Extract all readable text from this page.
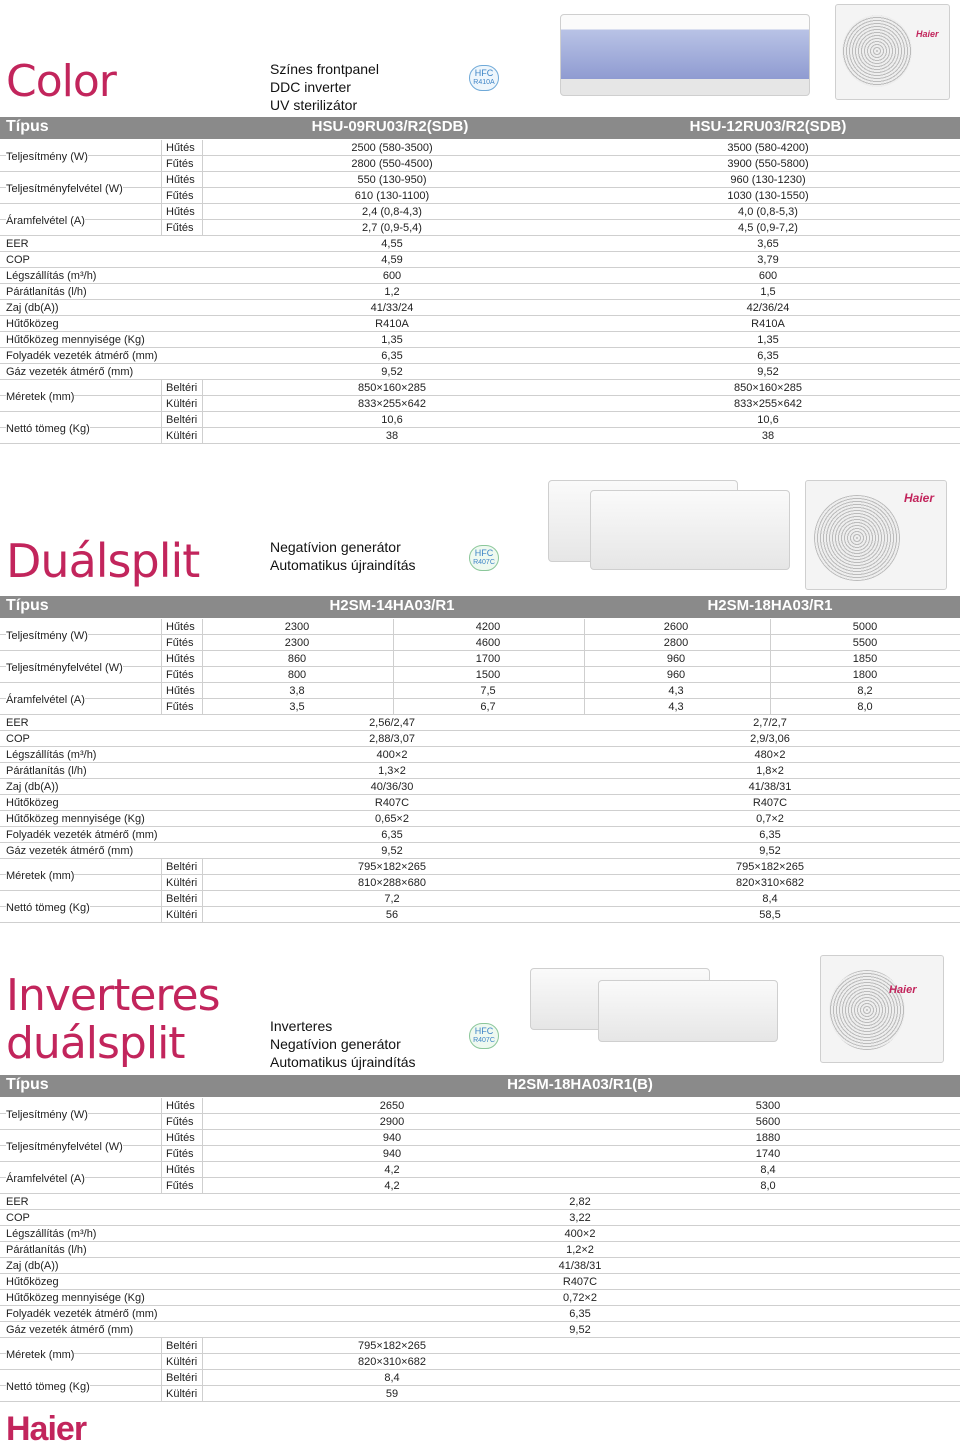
Color	Színes frontpanel
DDC inverter
UV sterilizátor
HFC
R410A
Haier
Típus	HSU-09RU03/R2(SDB)	HSU-12RU03/R2(SDB)
Hűtés	2500 (580-3500)	3500 (580-4200)
Teljesítmény (W)
Fűtés	2800 (550-4500)	3900 (550-5800)
Hűtés	550 (130-950)	960 (130-1230)
Teljesítményfelvétel (W)
Fűtés	610 (130-1100)	1030 (130-1550)
Hűtés	2,4 (0,8-4,3)	4,0 (0,8-5,3)
Áramfelvétel (A)
Fűtés	2,7 (0,9-5,4)	4,5 (0,9-7,2)
EER	4,55	3,65
COP	4,59	3,79
Légszállítás (m³/h)	600	600
Párátlanítás (l/h)	1,2	1,5
Zaj (db(A))	41/33/24	42/36/24
Hűtőközeg	R410A	R410A
Hűtőközeg mennyisége (Kg)	1,35	1,35
Folyadék vezeték átmérő (mm)	6,35	6,35
Gáz vezeték átmérő (mm)	9,52	9,52
Beltéri	850×160×285	850×160×285
Méretek (mm)
Kültéri	833×255×642	833×255×642
Beltéri	10,6	10,6
Nettó tömeg (Kg)
Kültéri	38	38
Duálsplit	Negatívion generátor
Automatikus újraindítás
HFC
R407C
Haier
Típus	H2SM-14HA03/R1	H2SM-18HA03/R1
Hűtés	2300	4200	2600	5000
Teljesítmény (W)
Fűtés	2300	4600	2800	5500
Hűtés	860	1700	960	1850
Teljesítményfelvétel (W)
Fűtés	800	1500	960	1800
Hűtés	3,8	7,5	4,3	8,2
Áramfelvétel (A)
Fűtés	3,5	6,7	4,3	8,0
EER	2,56/2,47	2,7/2,7
COP	2,88/3,07	2,9/3,06
Légszállítás (m³/h)	400×2	480×2
Párátlanítás (l/h)	1,3×2	1,8×2
Zaj (db(A))	40/36/30	41/38/31
Hűtőközeg	R407C	R407C
Hűtőközeg mennyisége (Kg)	0,65×2	0,7×2
Folyadék vezeték átmérő (mm)	6,35	6,35
Gáz vezeték átmérő (mm)	9,52	9,52
Beltéri	795×182×265	795×182×265
Méretek (mm)
Kültéri	810×288×680	820×310×682
Beltéri	7,2	8,4
Nettó tömeg (Kg)
Kültéri	56	58,5
Inverteres
duálsplit	Inverteres
Negatívion generátor
Automatikus újraindítás
HFC
R407C
Haier
Típus	H2SM-18HA03/R1(B)
Hűtés	2650	5300
Teljesítmény (W)
Fűtés	2900	5600
Hűtés	940	1880
Teljesítményfelvétel (W)
Fűtés	940	1740
Hűtés	4,2	8,4
Áramfelvétel (A)
Fűtés	4,2	8,0
EER	2,82
COP	3,22
Légszállítás (m³/h)	400×2
Párátlanítás (l/h)	1,2×2
Zaj (db(A))	41/38/31
Hűtőközeg	R407C
Hűtőközeg mennyisége (Kg)	0,72×2
Folyadék vezeték átmérő (mm)	6,35
Gáz vezeték átmérő (mm)	9,52
Beltéri	795×182×265
Méretek (mm)
Kültéri	820×310×682
Beltéri	8,4
Nettó tömeg (Kg)
Kültéri	59
Haier
